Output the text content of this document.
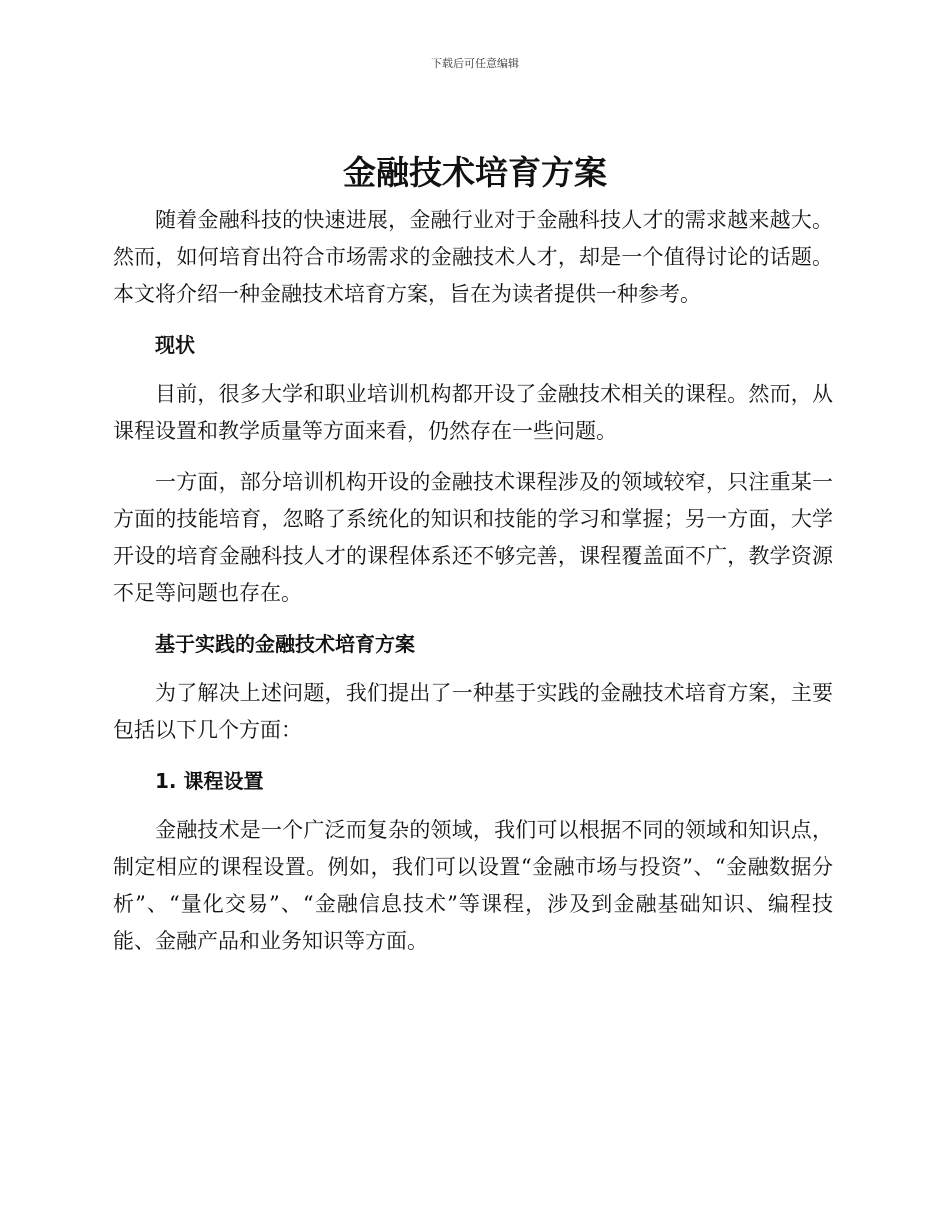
下载后可任意编辑
金融技术培育方案

随着金融科技的快速进展，金融行业对于金融科技人才的需求越来越大。然而，如何培育出符合市场需求的金融技术人才，却是一个值得讨论的话题。本文将介绍一种金融技术培育方案，旨在为读者提供一种参考。

现状

目前，很多大学和职业培训机构都开设了金融技术相关的课程。然而，从课程设置和教学质量等方面来看，仍然存在一些问题。

一方面，部分培训机构开设的金融技术课程涉及的领域较窄，只注重某一方面的技能培育，忽略了系统化的知识和技能的学习和掌握；另一方面，大学开设的培育金融科技人才的课程体系还不够完善，课程覆盖面不广，教学资源不足等问题也存在。

基于实践的金融技术培育方案

为了解决上述问题，我们提出了一种基于实践的金融技术培育方案，主要包括以下几个方面：

1. 课程设置

金融技术是一个广泛而复杂的领域，我们可以根据不同的领域和知识点，制定相应的课程设置。例如，我们可以设置“金融市场与投资”、“金融数据分析”、“量化交易”、“金融信息技术”等课程，涉及到金融基础知识、编程技能、金融产品和业务知识等方面。
